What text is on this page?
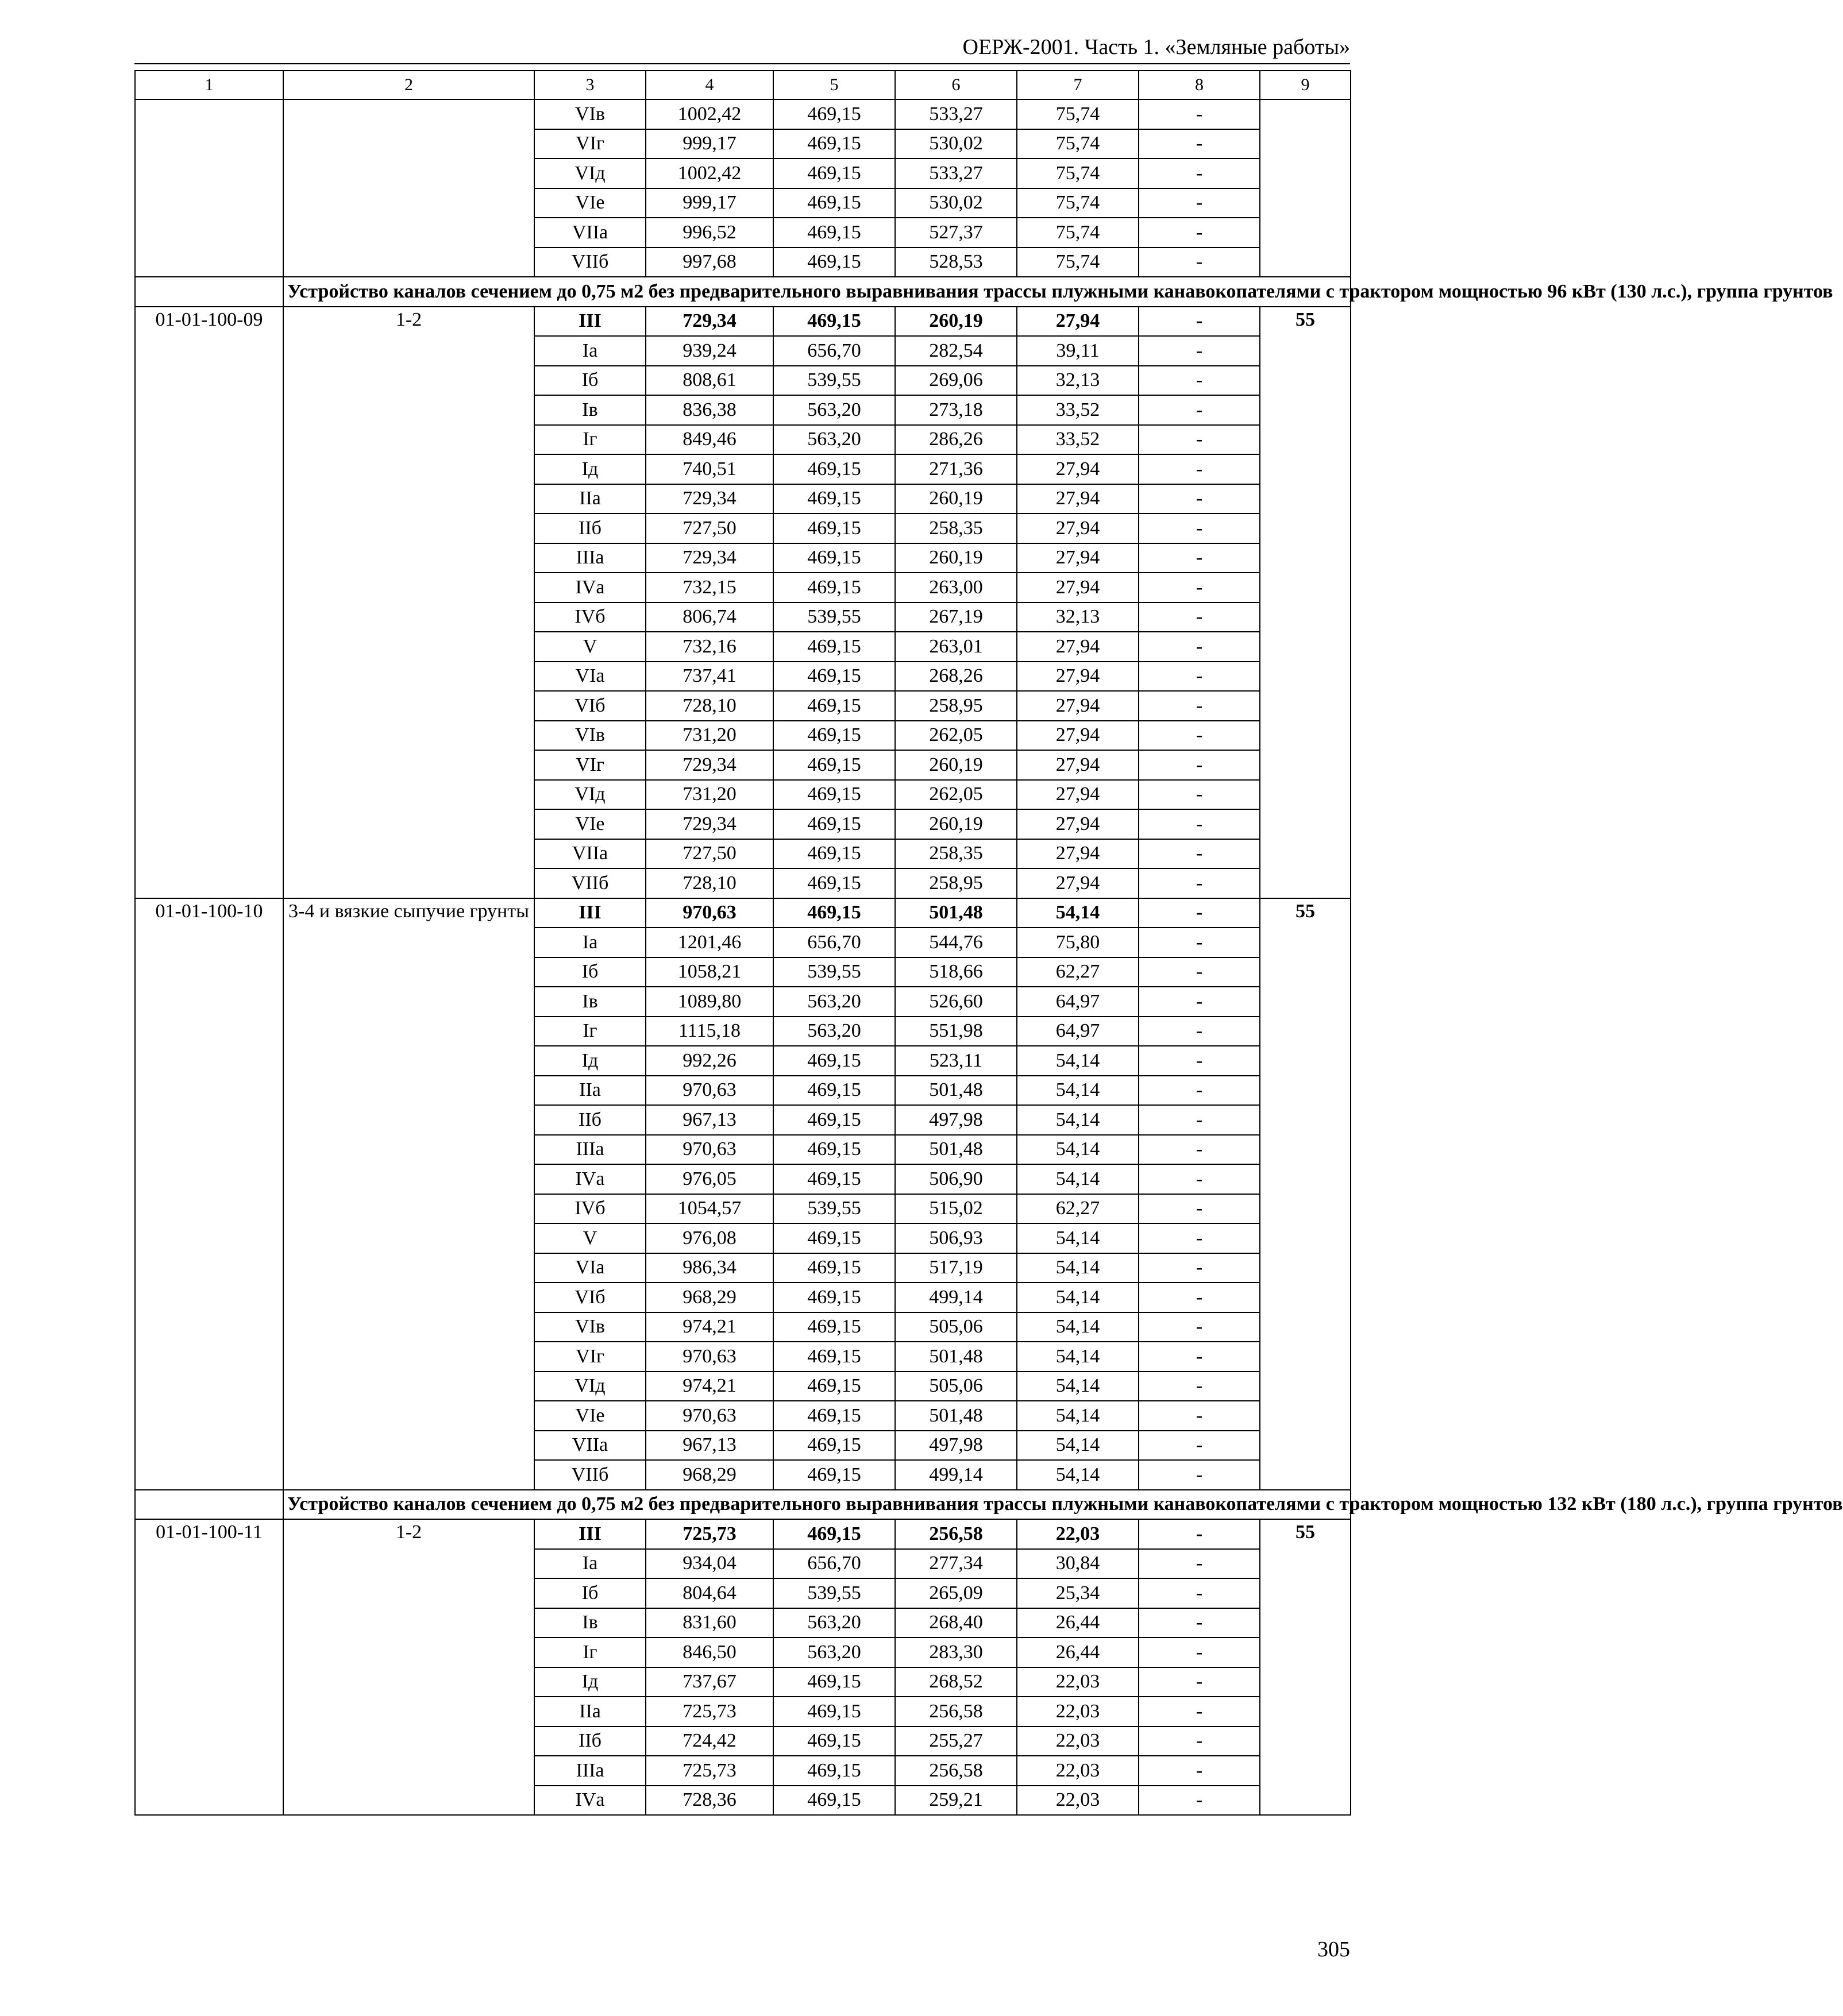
ОЕРЖ-2001. Часть 1. «Земляные работы»
1	2	3	4	5	6	7	8	9
		VIв	1002,42	469,15	533,27	75,74	-	
		VIг	999,17	469,15	530,02	75,74	-	
		VIд	1002,42	469,15	533,27	75,74	-	
		VIе	999,17	469,15	530,02	75,74	-	
		VIIа	996,52	469,15	527,37	75,74	-	
		VIIб	997,68	469,15	528,53	75,74	-	
	Устройство каналов сечением до 0,75 м2 без предварительного выравнивания трассы плужными канавокопателями с трактором мощностью 96 кВт (130 л.с.), группа грунтов							
01-01-100-09	1-2	III	729,34	469,15	260,19	27,94	-	55
		Iа	939,24	656,70	282,54	39,11	-	
		Iб	808,61	539,55	269,06	32,13	-	
		Iв	836,38	563,20	273,18	33,52	-	
		Iг	849,46	563,20	286,26	33,52	-	
		Iд	740,51	469,15	271,36	27,94	-	
		IIа	729,34	469,15	260,19	27,94	-	
		IIб	727,50	469,15	258,35	27,94	-	
		IIIа	729,34	469,15	260,19	27,94	-	
		IVа	732,15	469,15	263,00	27,94	-	
		IVб	806,74	539,55	267,19	32,13	-	
		V	732,16	469,15	263,01	27,94	-	
		VIа	737,41	469,15	268,26	27,94	-	
		VIб	728,10	469,15	258,95	27,94	-	
		VIв	731,20	469,15	262,05	27,94	-	
		VIг	729,34	469,15	260,19	27,94	-	
		VIд	731,20	469,15	262,05	27,94	-	
		VIе	729,34	469,15	260,19	27,94	-	
		VIIа	727,50	469,15	258,35	27,94	-	
		VIIб	728,10	469,15	258,95	27,94	-	
01-01-100-10	3-4 и вязкие сыпучие грунты	III	970,63	469,15	501,48	54,14	-	55
		Iа	1201,46	656,70	544,76	75,80	-	
		Iб	1058,21	539,55	518,66	62,27	-	
		Iв	1089,80	563,20	526,60	64,97	-	
		Iг	1115,18	563,20	551,98	64,97	-	
		Iд	992,26	469,15	523,11	54,14	-	
		IIа	970,63	469,15	501,48	54,14	-	
		IIб	967,13	469,15	497,98	54,14	-	
		IIIа	970,63	469,15	501,48	54,14	-	
		IVа	976,05	469,15	506,90	54,14	-	
		IVб	1054,57	539,55	515,02	62,27	-	
		V	976,08	469,15	506,93	54,14	-	
		VIа	986,34	469,15	517,19	54,14	-	
		VIб	968,29	469,15	499,14	54,14	-	
		VIв	974,21	469,15	505,06	54,14	-	
		VIг	970,63	469,15	501,48	54,14	-	
		VIд	974,21	469,15	505,06	54,14	-	
		VIе	970,63	469,15	501,48	54,14	-	
		VIIа	967,13	469,15	497,98	54,14	-	
		VIIб	968,29	469,15	499,14	54,14	-	
	Устройство каналов сечением до 0,75 м2 без предварительного выравнивания трассы плужными канавокопателями с трактором мощностью 132 кВт (180 л.с.), группа грунтов							
01-01-100-11	1-2	III	725,73	469,15	256,58	22,03	-	55
		Iа	934,04	656,70	277,34	30,84	-	
		Iб	804,64	539,55	265,09	25,34	-	
		Iв	831,60	563,20	268,40	26,44	-	
		Iг	846,50	563,20	283,30	26,44	-	
		Iд	737,67	469,15	268,52	22,03	-	
		IIа	725,73	469,15	256,58	22,03	-	
		IIб	724,42	469,15	255,27	22,03	-	
		IIIа	725,73	469,15	256,58	22,03	-	
		IVа	728,36	469,15	259,21	22,03	-	
305
